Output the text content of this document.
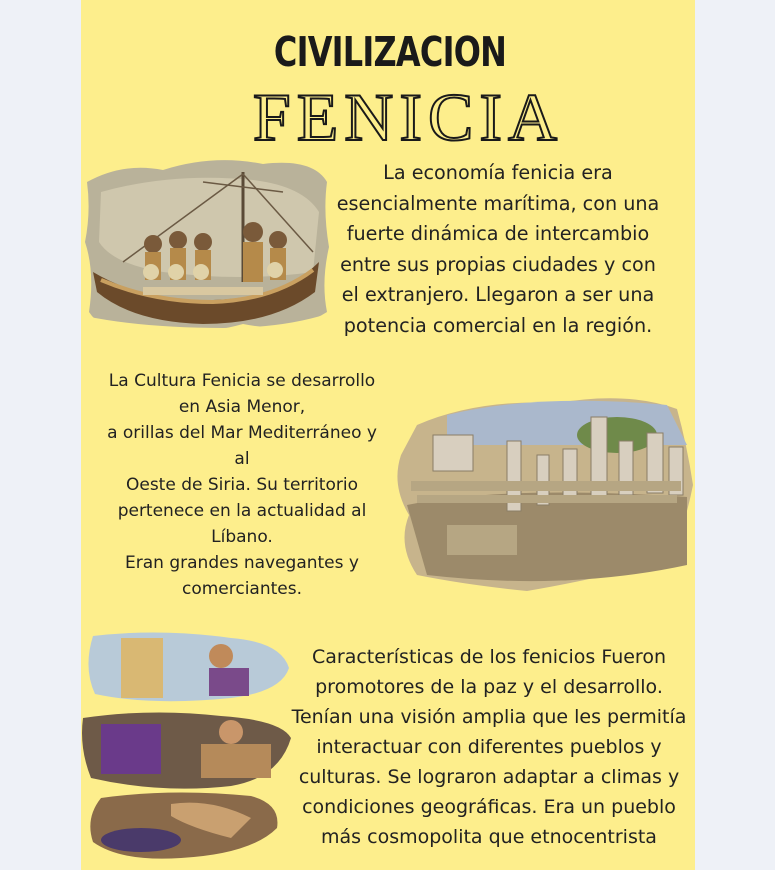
CIVILIZACION
FENICIA
La economía fenicia era
esencialmente marítima, con una
fuerte dinámica de intercambio
entre sus propias ciudades y con
el extranjero. Llegaron a ser una
potencia comercial en la región.
La Cultura Fenicia se desarrollo
en Asia Menor,
a orillas del Mar Mediterráneo y
al
Oeste de Siria. Su territorio
pertenece en la actualidad al
Líbano.
Eran grandes navegantes y
comerciantes.
Características de los fenicios Fueron
promotores de la paz y el desarrollo.
Tenían una visión amplia que les permitía
interactuar con diferentes pueblos y
culturas. Se lograron adaptar a climas y
condiciones geográficas. Era un pueblo
más cosmopolita que etnocentrista
